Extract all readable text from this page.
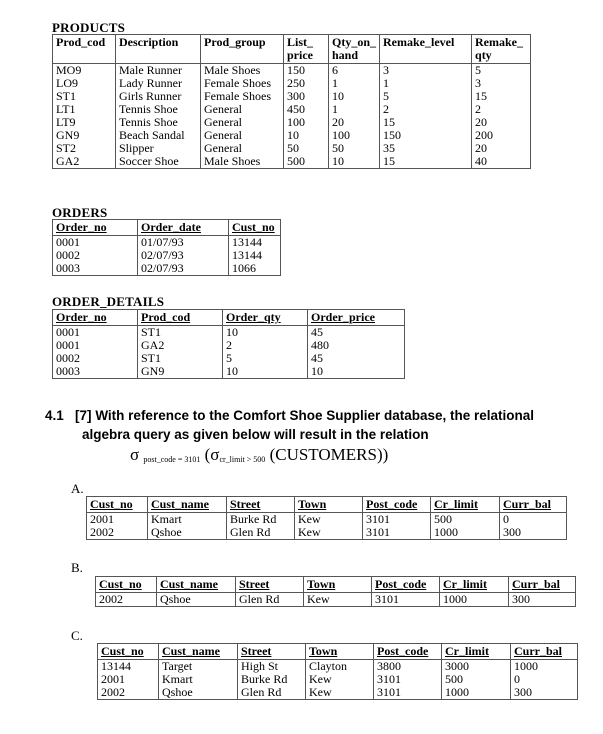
PRODUCTS
Prod_cod	Description	Prod_group	List_ price	Qty_on_ hand	Remake_level	Remake_ qty
MO9	Male Runner	Male Shoes	150	6	3	5
LO9	Lady Runner	Female Shoes	250	1	1	3
ST1	Girls Runner	Female Shoes	300	10	5	15
LT1	Tennis Shoe	General	450	1	2	2
LT9	Tennis Shoe	General	100	20	15	20
GN9	Beach Sandal	General	10	100	150	200
ST2	Slipper	General	50	50	35	20
GA2	Soccer Shoe	Male Shoes	500	10	15	40
ORDERS
Order_no	Order_date	Cust_no
0001	01/07/93	13144
0002	02/07/93	13144
0003	02/07/93	1066
ORDER_DETAILS
Order_no	Prod_cod	Order_qty	Order_price
0001	ST1	10	45
0001	GA2	2	480
0002	ST1	5	45
0003	GN9	10	10
4.1 [7] With reference to the Comfort Shoe Supplier database, the relational
algebra query as given below will result in the relation
σ $_{post\_code = 3101}$ ($\sigma_{cr\_limit > 500}$ (CUSTOMERS))
A.
Cust_no	Cust_name	Street	Town	Post_code	Cr_limit	Curr_bal
2001	Kmart	Burke Rd	Kew	3101	500	0
2002	Qshoe	Glen Rd	Kew	3101	1000	300
B.
Cust_no	Cust_name	Street	Town	Post_code	Cr_limit	Curr_bal
2002	Qshoe	Glen Rd	Kew	3101	1000	300
C.
Cust_no	Cust_name	Street	Town	Post_code	Cr_limit	Curr_bal
13144	Target	High St	Clayton	3800	3000	1000
2001	Kmart	Burke Rd	Kew	3101	500	0
2002	Qshoe	Glen Rd	Kew	3101	1000	300
